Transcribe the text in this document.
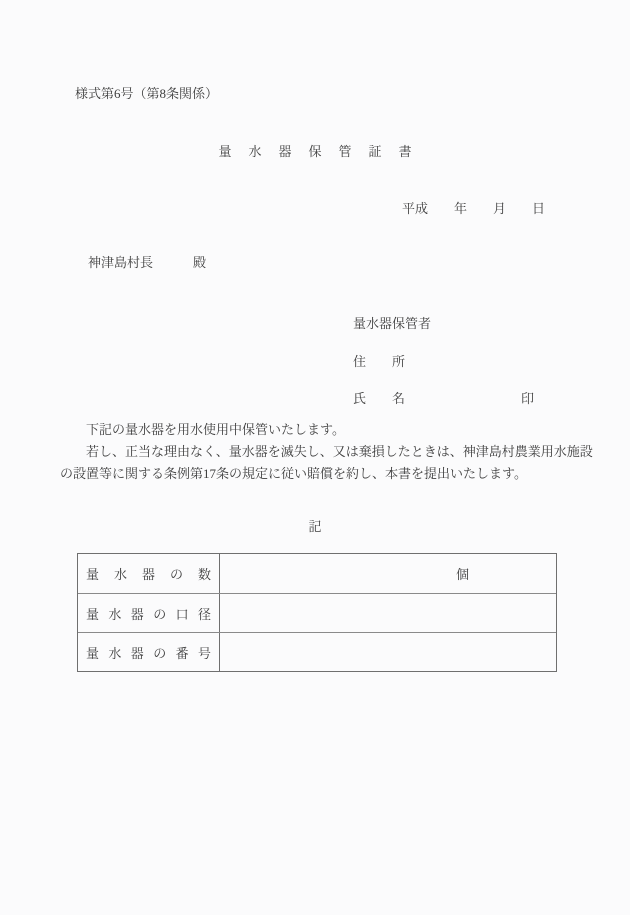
様式第6号（第8条関係）
量水器保管証書
平成　　年　　月　　日
神津島村長	殿
量水器保管者
住　　所
氏　　名	印

下記の量水器を用水使用中保管いたします。

若し、正当な理由なく、量水器を滅失し、又は棄損したときは、神津島村農業用水施設の設置等に関する条例第17条の規定に従い賠償を約し、本書を提出いたします。

記
量水器の数	個
量水器の口径
量水器の番号
